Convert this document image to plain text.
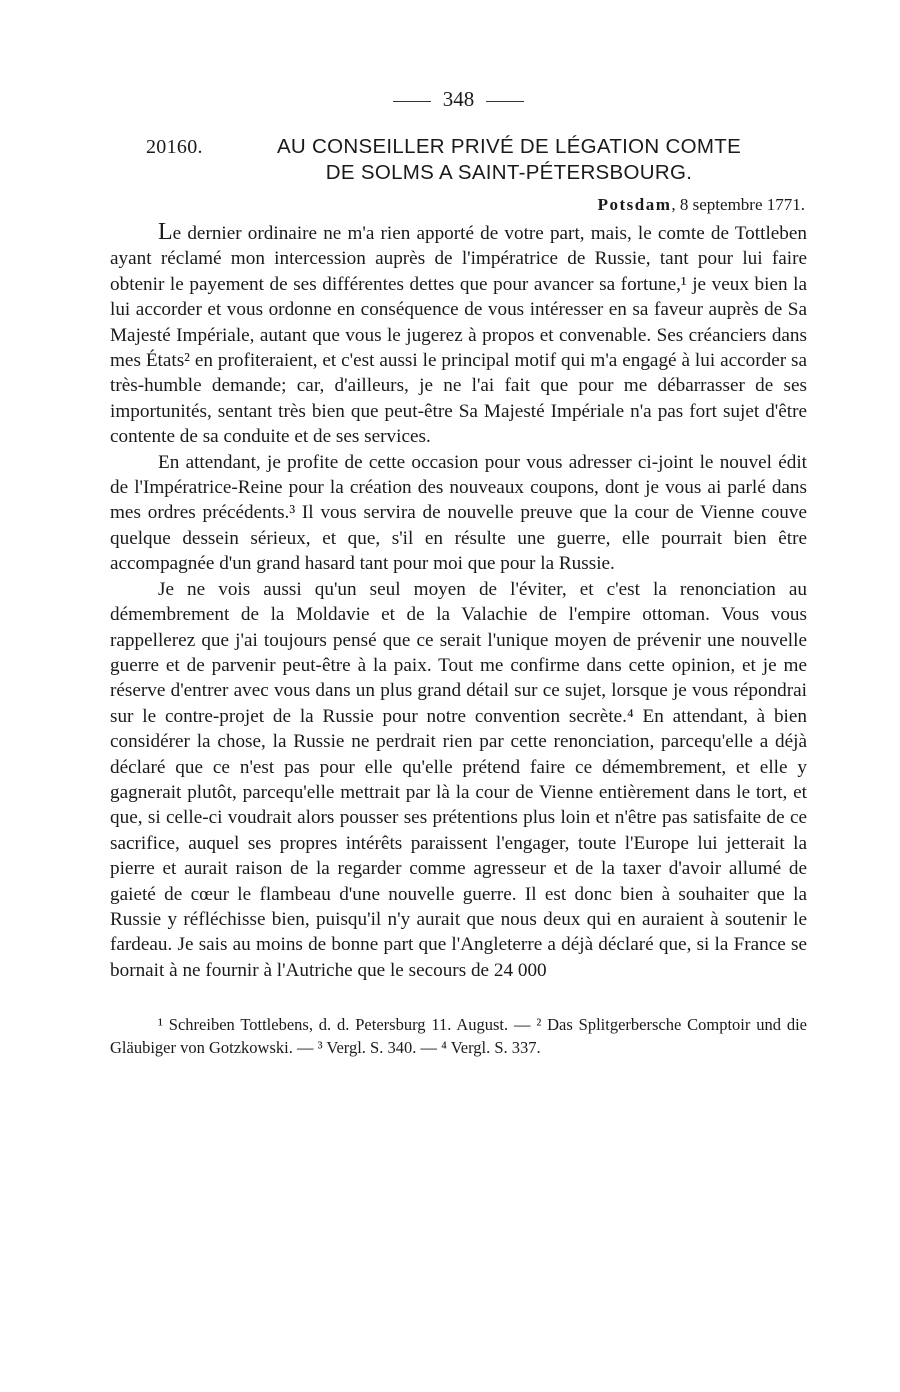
348
20160.	AU CONSEILLER PRIVÉ DE LÉGATION COMTE
DE SOLMS A SAINT-PÉTERSBOURG.
Potsdam, 8 septembre 1771.

Le dernier ordinaire ne m'a rien apporté de votre part, mais, le comte de Tottleben ayant réclamé mon intercession auprès de l'impératrice de Russie, tant pour lui faire obtenir le payement de ses différentes dettes que pour avancer sa fortune,¹ je veux bien la lui accorder et vous ordonne en conséquence de vous intéresser en sa faveur auprès de Sa Majesté Impériale, autant que vous le jugerez à propos et convenable. Ses créanciers dans mes États² en profiteraient, et c'est aussi le principal motif qui m'a engagé à lui accorder sa très-humble demande; car, d'ailleurs, je ne l'ai fait que pour me débarrasser de ses importunités, sentant très bien que peut-être Sa Majesté Impériale n'a pas fort sujet d'être contente de sa conduite et de ses services.

En attendant, je profite de cette occasion pour vous adresser ci-joint le nouvel édit de l'Impératrice-Reine pour la création des nouveaux coupons, dont je vous ai parlé dans mes ordres précédents.³ Il vous servira de nouvelle preuve que la cour de Vienne couve quelque dessein sérieux, et que, s'il en résulte une guerre, elle pourrait bien être accompagnée d'un grand hasard tant pour moi que pour la Russie.

Je ne vois aussi qu'un seul moyen de l'éviter, et c'est la renonciation au démembrement de la Moldavie et de la Valachie de l'empire ottoman. Vous vous rappellerez que j'ai toujours pensé que ce serait l'unique moyen de prévenir une nouvelle guerre et de parvenir peut-être à la paix. Tout me confirme dans cette opinion, et je me réserve d'entrer avec vous dans un plus grand détail sur ce sujet, lorsque je vous répondrai sur le contre-projet de la Russie pour notre convention secrète.⁴ En attendant, à bien considérer la chose, la Russie ne perdrait rien par cette renonciation, parcequ'elle a déjà déclaré que ce n'est pas pour elle qu'elle prétend faire ce démembrement, et elle y gagnerait plutôt, parcequ'elle mettrait par là la cour de Vienne entièrement dans le tort, et que, si celle-ci voudrait alors pousser ses prétentions plus loin et n'être pas satisfaite de ce sacrifice, auquel ses propres intérêts paraissent l'engager, toute l'Europe lui jetterait la pierre et aurait raison de la regarder comme agresseur et de la taxer d'avoir allumé de gaieté de cœur le flambeau d'une nouvelle guerre. Il est donc bien à souhaiter que la Russie y réfléchisse bien, puisqu'il n'y aurait que nous deux qui en auraient à soutenir le fardeau. Je sais au moins de bonne part que l'Angleterre a déjà déclaré que, si la France se bornait à ne fournir à l'Autriche que le secours de 24 000

¹ Schreiben Tottlebens, d. d. Petersburg 11. August. — ² Das Splitgerbersche Comptoir und die Gläubiger von Gotzkowski. — ³ Vergl. S. 340. — ⁴ Vergl. S. 337.
